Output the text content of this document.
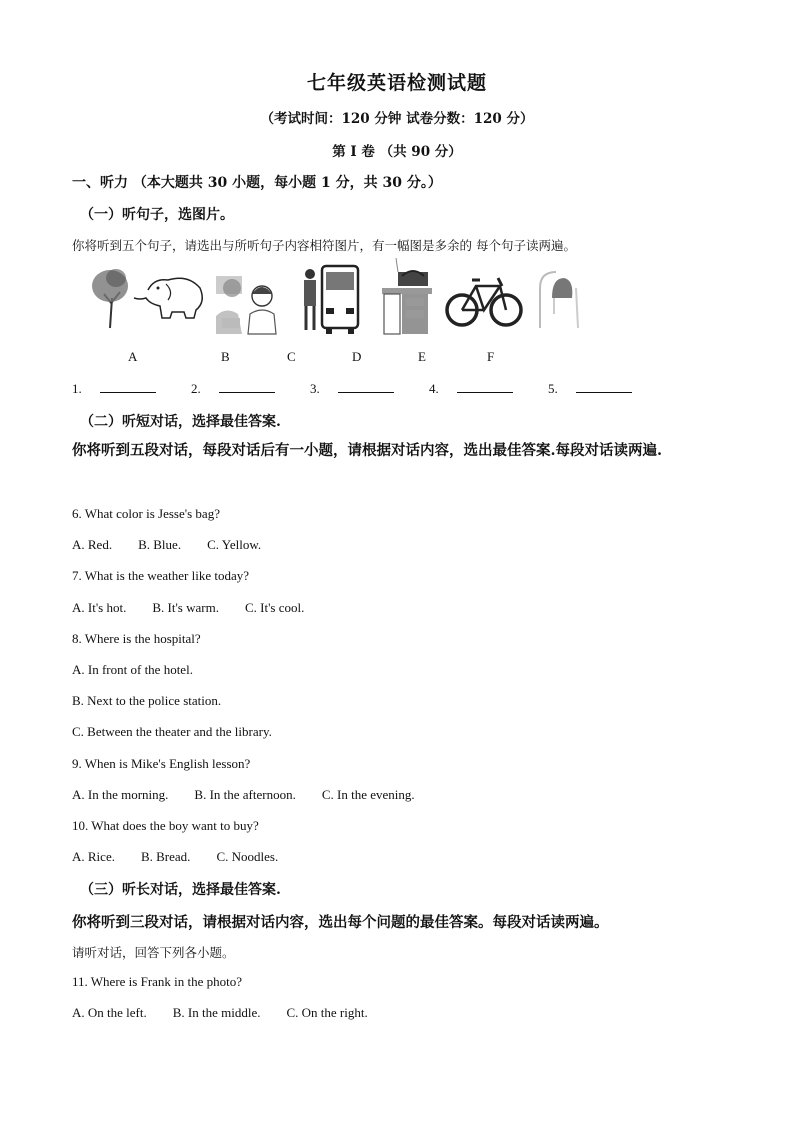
七年级英语检测试题
（考试时间：120 分钟 试卷分数：120 分）
第 I 卷 （共 90 分）
一、听力 （本大题共 30 小题，每小题 1 分，共 30 分。）
（一）听句子，选图片。
你将听到五个句子，请选出与所听句子内容相符图片，有一幅图是多余的 每个句子读两遍。
A	B	C	D	E	F
1.	2.	3.	4.	5.
（二）听短对话，选择最佳答案.
你将听到五段对话，每段对话后有一小题，请根据对话内容，选出最佳答案.每段对话读两遍.
6. What color is Jesse's bag?
A. Red. B. Blue. C. Yellow.
7. What is the weather like today?
A. It's hot. B. It's warm. C. It's cool.
8. Where is the hospital?
A. In front of the hotel.
B. Next to the police station.
C. Between the theater and the library.
9. When is Mike's English lesson?
A. In the morning. B. In the afternoon. C. In the evening.
10. What does the boy want to buy?
A. Rice. B. Bread. C. Noodles.
（三）听长对话，选择最佳答案.
你将听到三段对话，请根据对话内容，选出每个问题的最佳答案。每段对话读两遍。
请听对话，回答下列各小题。
11. Where is Frank in the photo?
A. On the left. B. In the middle. C. On the right.
